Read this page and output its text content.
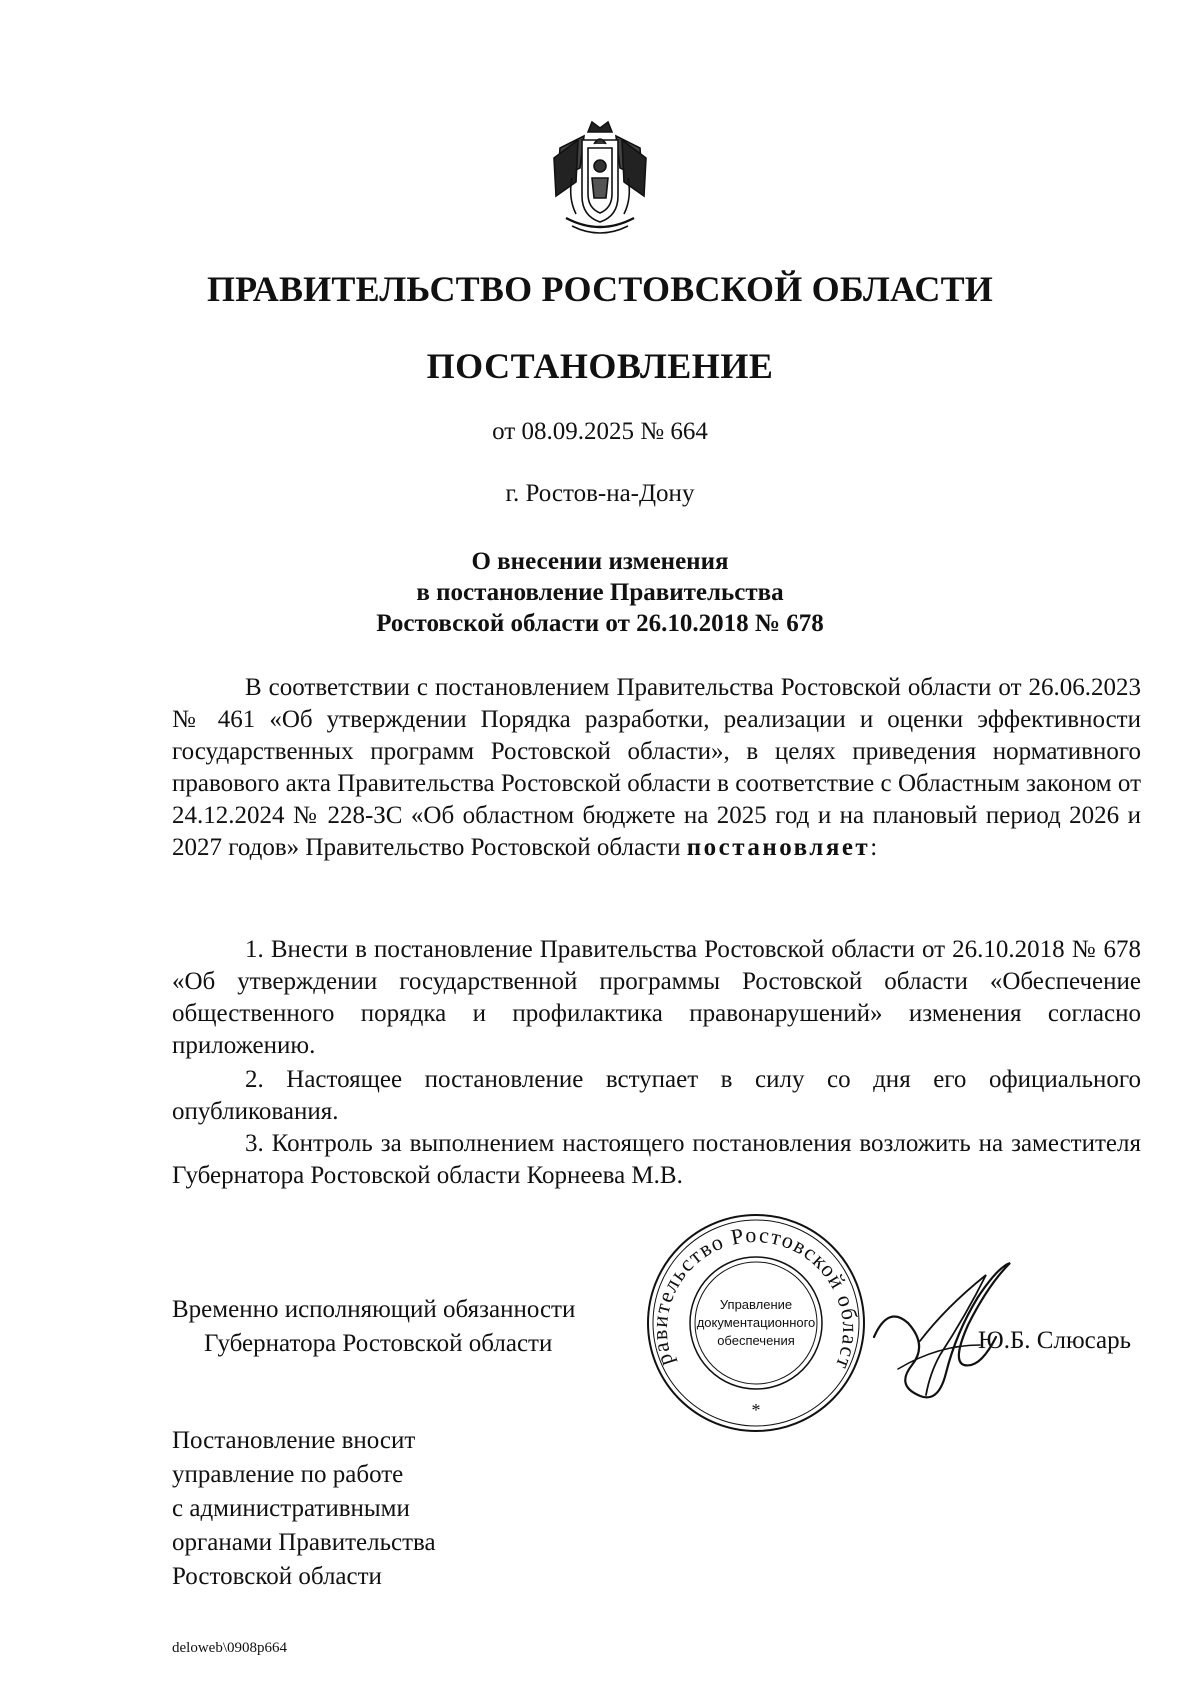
ПРАВИТЕЛЬСТВО РОСТОВСКОЙ ОБЛАСТИ
ПОСТАНОВЛЕНИЕ
от 08.09.2025 № 664
г. Ростов-на-Дону
О внесении изменения
в постановление Правительства
Ростовской области от 26.10.2018 № 678

В соответствии с постановлением Правительства Ростовской области от 26.06.2023 № 461 «Об утверждении Порядка разработки, реализации и оценки эффективности государственных программ Ростовской области», в целях приведения нормативного правового акта Правительства Ростовской области в соответствие с Областным законом от 24.12.2024 № 228-ЗС «Об областном бюджете на 2025 год и на плановый период 2026 и 2027 годов» Правительство Ростовской области постановляет:

1. Внести в постановление Правительства Ростовской области от 26.10.2018 № 678 «Об утверждении государственной программы Ростовской области «Обеспечение общественного порядка и профилактика правонарушений» изменения согласно приложению.

2. Настоящее постановление вступает в силу со дня его официального опубликования.

3. Контроль за выполнением настоящего постановления возложить на заместителя Губернатора Ростовской области Корнеева М.В.

Временно исполняющий обязанности
Губернатора Ростовской области
равительство Ростовской област
*
Управление
документационного
обеспечения	Ю.Б. Слюсарь
Постановление вносит
управление по работе
с административными
органами Правительства
Ростовской области
deloweb\0908p664
